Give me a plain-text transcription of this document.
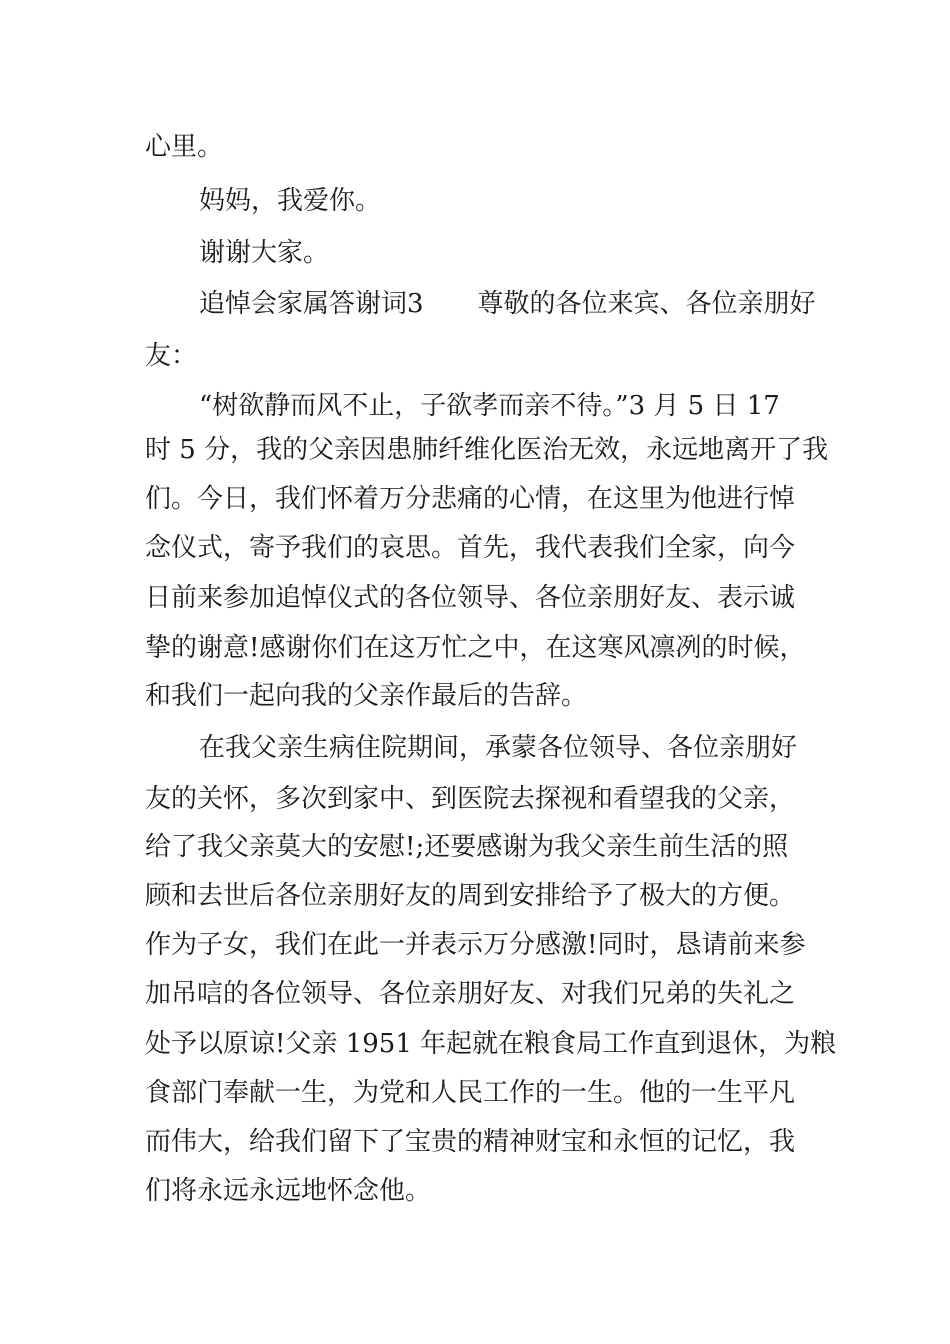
心里。
妈妈，我爱你。
谢谢大家。
追悼会家属答谢词3 尊敬的各位来宾、各位亲朋好
友：
“树欲静而风不止，子欲孝而亲不待。”3 月 5 日 17
时 5 分，我的父亲因患肺纤维化医治无效，永远地离开了我
们。今日，我们怀着万分悲痛的心情，在这里为他进行悼
念仪式，寄予我们的哀思。首先，我代表我们全家，向今
日前来参加追悼仪式的各位领导、各位亲朋好友、表示诚
挚的谢意!感谢你们在这万忙之中，在这寒风凛冽的时候，
和我们一起向我的父亲作最后的告辞。
在我父亲生病住院期间，承蒙各位领导、各位亲朋好
友的关怀，多次到家中、到医院去探视和看望我的父亲，
给了我父亲莫大的安慰!;还要感谢为我父亲生前生活的照
顾和去世后各位亲朋好友的周到安排给予了极大的方便。
作为子女，我们在此一并表示万分感激!同时，恳请前来参
加吊唁的各位领导、各位亲朋好友、对我们兄弟的失礼之
处予以原谅!父亲 1951 年起就在粮食局工作直到退休，为粮
食部门奉献一生，为党和人民工作的一生。他的一生平凡
而伟大，给我们留下了宝贵的精神财宝和永恒的记忆，我
们将永远永远地怀念他。
